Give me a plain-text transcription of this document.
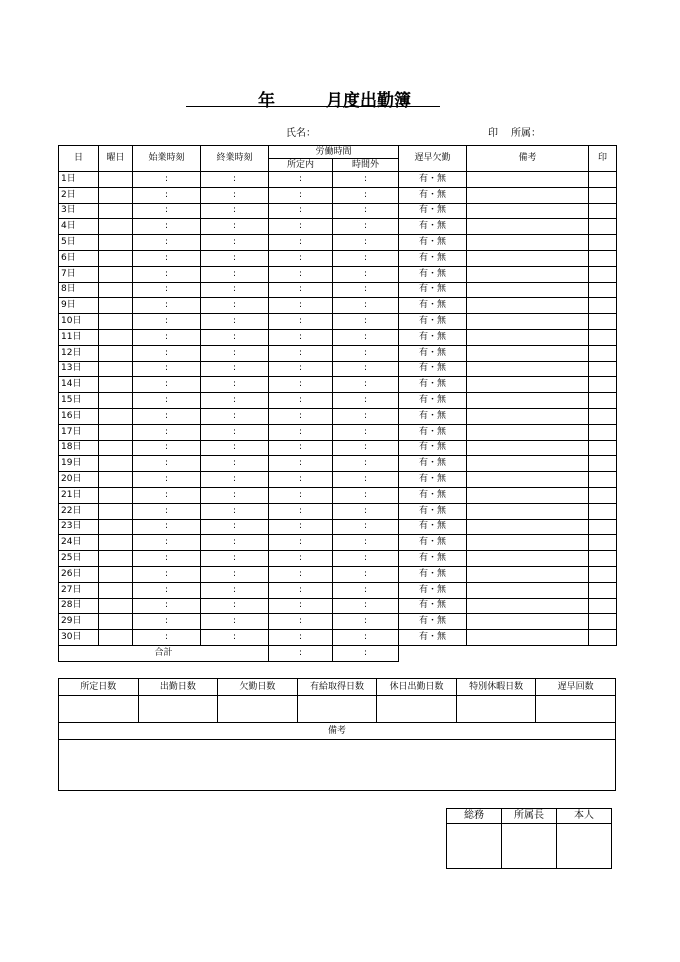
年	月度出勤簿
氏名：	印 所属：
日	曜日	始業時刻	終業時刻	労働時間		遅早欠勤	備考	印
				所定内	時間外			
1日		:	:	:	:	有・無		
2日		:	:	:	:	有・無		
3日		:	:	:	:	有・無		
4日		:	:	:	:	有・無		
5日		:	:	:	:	有・無		
6日		:	:	:	:	有・無		
7日		:	:	:	:	有・無		
8日		:	:	:	:	有・無		
9日		:	:	:	:	有・無		
10日		:	:	:	:	有・無		
11日		:	:	:	:	有・無		
12日		:	:	:	:	有・無		
13日		:	:	:	:	有・無		
14日		:	:	:	:	有・無		
15日		:	:	:	:	有・無		
16日		:	:	:	:	有・無		
17日		:	:	:	:	有・無		
18日		:	:	:	:	有・無		
19日		:	:	:	:	有・無		
20日		:	:	:	:	有・無		
21日		:	:	:	:	有・無		
22日		:	:	:	:	有・無		
23日		:	:	:	:	有・無		
24日		:	:	:	:	有・無		
25日		:	:	:	:	有・無		
26日		:	:	:	:	有・無		
27日		:	:	:	:	有・無		
28日		:	:	:	:	有・無		
29日		:	:	:	:	有・無		
30日		:	:	:	:	有・無		
合計				:	:			
所定日数	出勤日数	欠勤日数	有給取得日数	休日出勤日数	特別休暇日数	遅早回数

備考						

総務	所属長	本人
